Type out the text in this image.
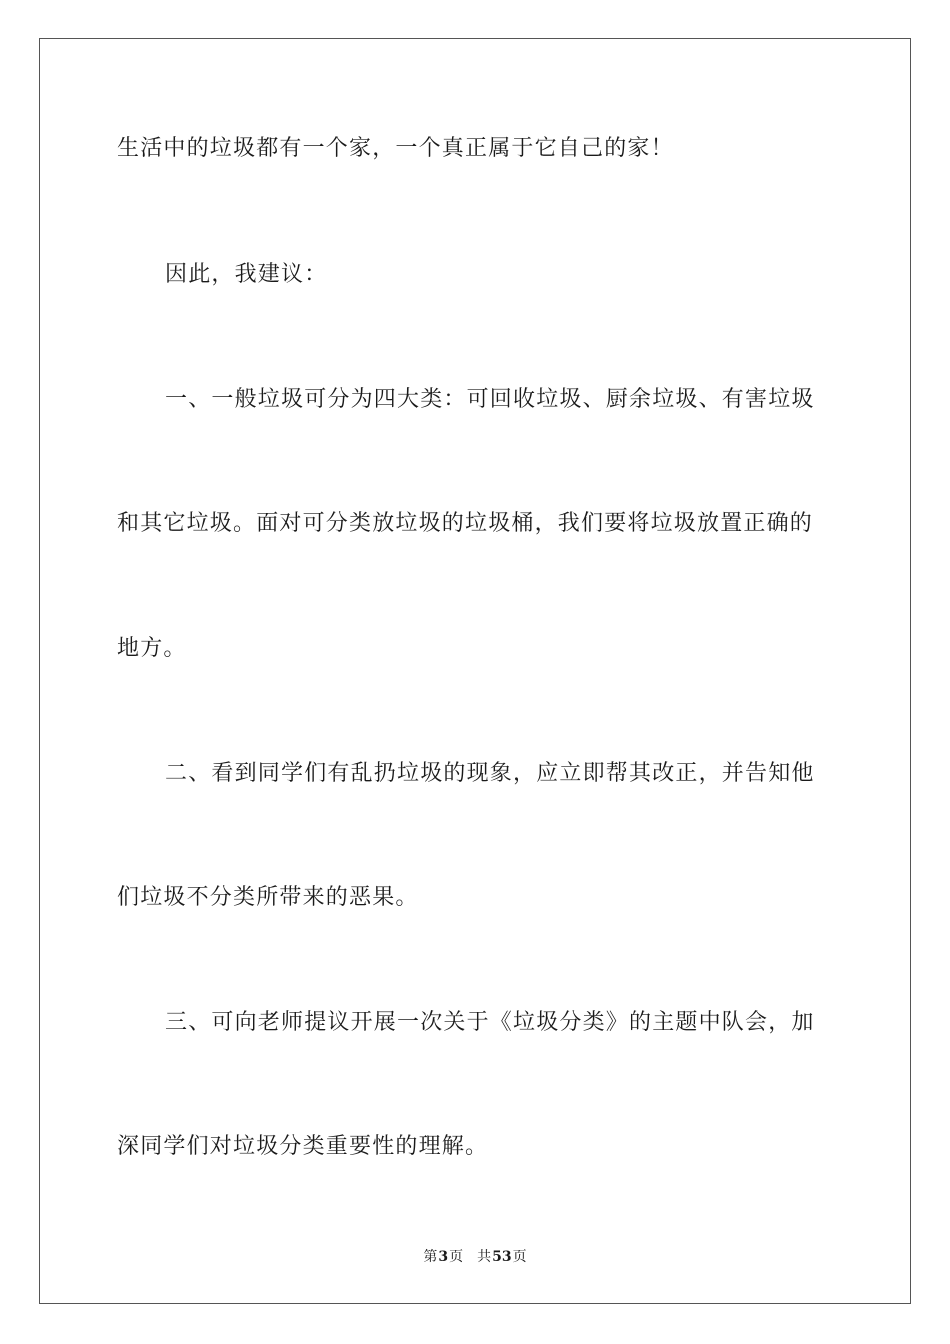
生活中的垃圾都有一个家，一个真正属于它自己的家！
因此，我建议：
一、一般垃圾可分为四大类：可回收垃圾、厨余垃圾、有害垃圾
和其它垃圾。面对可分类放垃圾的垃圾桶，我们要将垃圾放置正确的
地方。
二、看到同学们有乱扔垃圾的现象，应立即帮其改正，并告知他
们垃圾不分类所带来的恶果。
三、可向老师提议开展一次关于《垃圾分类》的主题中队会，加
深同学们对垃圾分类重要性的理解。
第3页 共53页
